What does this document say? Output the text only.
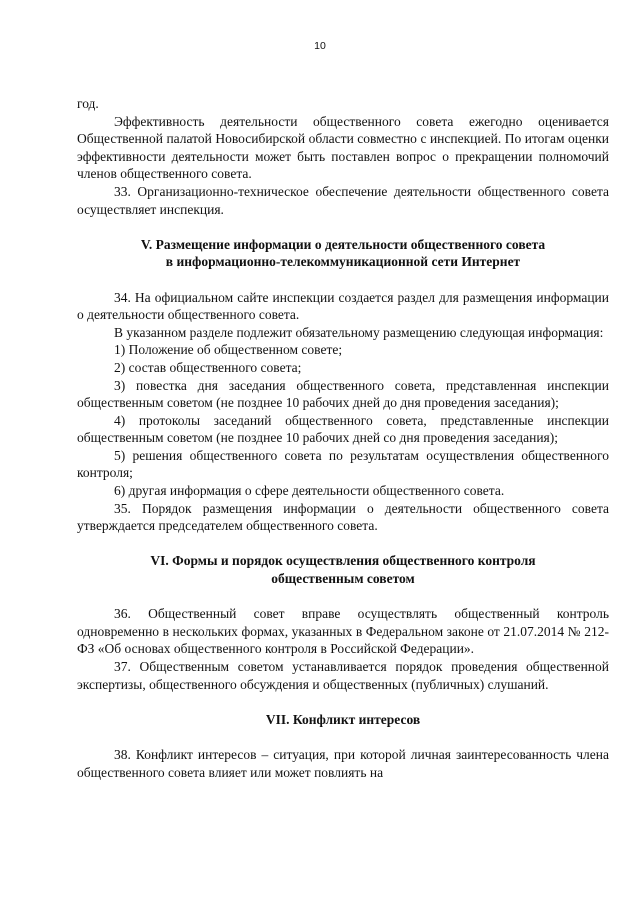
10

год.

Эффективность деятельности общественного совета ежегодно оценивается Общественной палатой Новосибирской области совместно с инспекцией. По итогам оценки эффективности деятельности может быть поставлен вопрос о прекращении полномочий членов общественного совета.

33. Организационно-техническое обеспечение деятельности общественного совета осуществляет инспекция.

V. Размещение информации о деятельности общественного совета

в информационно-телекоммуникационной сети Интернет

34. На официальном сайте инспекции создается раздел для размещения информации о деятельности общественного совета.

В указанном разделе подлежит обязательному размещению следующая информация:

1) Положение об общественном совете;

2) состав общественного совета;

3) повестка дня заседания общественного совета, представленная инспекции общественным советом (не позднее 10 рабочих дней до дня проведения заседания);

4) протоколы заседаний общественного совета, представленные инспекции общественным советом (не позднее 10 рабочих дней со дня проведения заседания);

5) решения общественного совета по результатам осуществления общественного контроля;

6) другая информация о сфере деятельности общественного совета.

35. Порядок размещения информации о деятельности общественного совета утверждается председателем общественного совета.

VI. Формы и порядок осуществления общественного контроля

общественным советом

36. Общественный совет вправе осуществлять общественный контроль одновременно в нескольких формах, указанных в Федеральном законе от 21.07.2014 № 212-ФЗ «Об основах общественного контроля в Российской Федерации».

37. Общественным советом устанавливается порядок проведения общественной экспертизы, общественного обсуждения и общественных (публичных) слушаний.

VII. Конфликт интересов

38. Конфликт интересов – ситуация, при которой личная заинтересованность члена общественного совета влияет или может повлиять на
